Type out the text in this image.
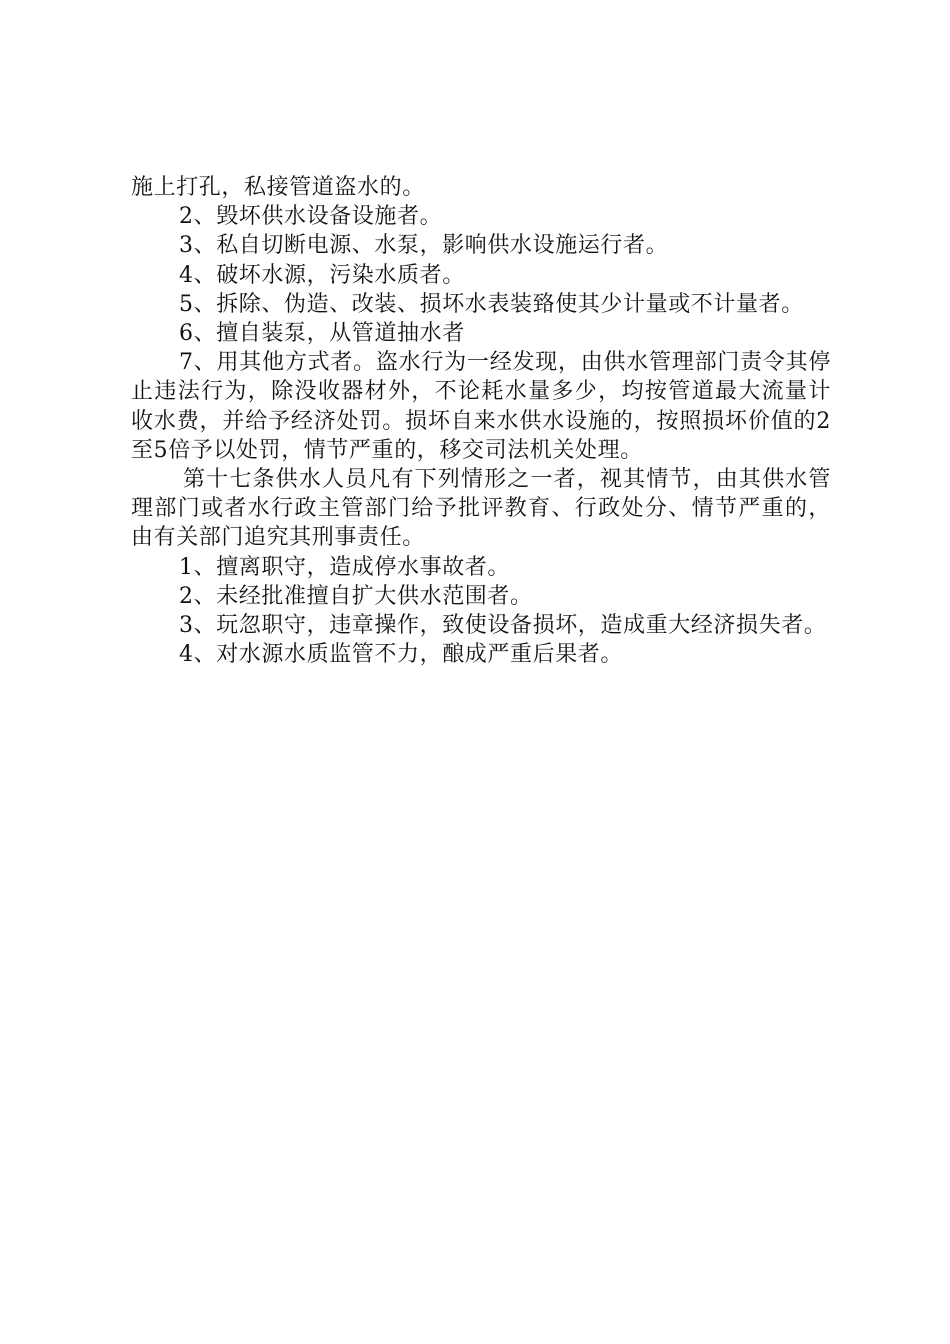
施上打孔，私接管道盗水的。

2、毁坏供水设备设施者。

3、私自切断电源、水泵，影响供水设施运行者。

4、破坏水源，污染水质者。

5、拆除、伪造、改装、损坏水表装臵使其少计量或不计量者。

6、擅自装泵，从管道抽水者

7、用其他方式者。盗水行为一经发现，由供水管理部门责令其停止违法行为，除没收器材外，不论耗水量多少，均按管道最大流量计收水费，并给予经济处罚。损坏自来水供水设施的，按照损坏价值的2至5倍予以处罚，情节严重的，移交司法机关处理。

第十七条供水人员凡有下列情形之一者，视其情节，由其供水管理部门或者水行政主管部门给予批评教育、行政处分、情节严重的，由有关部门追究其刑事责任。

1、擅离职守，造成停水事故者。

2、未经批准擅自扩大供水范围者。

3、玩忽职守，违章操作，致使设备损坏，造成重大经济损失者。

4、对水源水质监管不力，酿成严重后果者。
